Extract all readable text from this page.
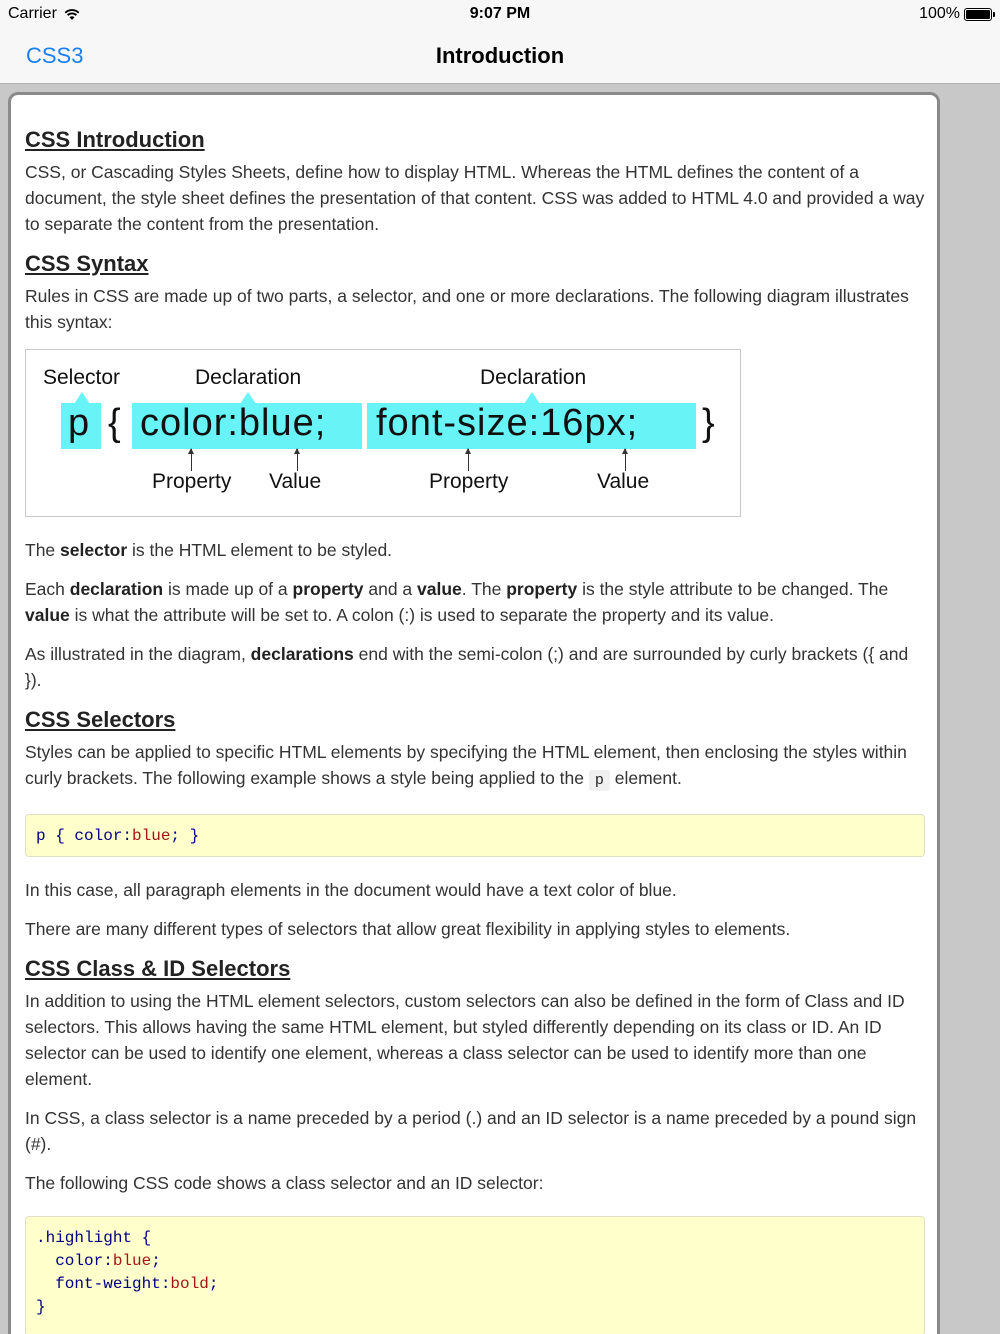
Carrier	9:07 PM	100%
CSS3	Introduction
CSS Introduction

CSS, or Cascading Styles Sheets, define how to display HTML. Whereas the HTML defines the content of a document, the style sheet defines the presentation of that content. CSS was added to HTML 4.0 and provided a way to separate the content from the presentation.

CSS Syntax

Rules in CSS are made up of two parts, a selector, and one or more declarations. The following diagram illustrates this syntax:

Selector	Declaration	Declaration
p { color:blue; font-size:16px; }
Property Value	Property	Value

The selector is the HTML element to be styled.

Each declaration is made up of a property and a value. The property is the style attribute to be changed. The value is what the attribute will be set to. A colon (:) is used to separate the property and its value.

As illustrated in the diagram, declarations end with the semi-colon (;) and are surrounded by curly brackets ({ and }).

CSS Selectors

Styles can be applied to specific HTML elements by specifying the HTML element, then enclosing the styles within curly brackets. The following example shows a style being applied to the p element.

p { color:blue; }

In this case, all paragraph elements in the document would have a text color of blue.

There are many different types of selectors that allow great flexibility in applying styles to elements.

CSS Class & ID Selectors

In addition to using the HTML element selectors, custom selectors can also be defined in the form of Class and ID selectors. This allows having the same HTML element, but styled differently depending on its class or ID. An ID selector can be used to identify one element, whereas a class selector can be used to identify more than one element.

In CSS, a class selector is a name preceded by a period (.) and an ID selector is a name preceded by a pound sign (#).

The following CSS code shows a class selector and an ID selector:

.highlight {
color:blue;
font-weight:bold;
}
